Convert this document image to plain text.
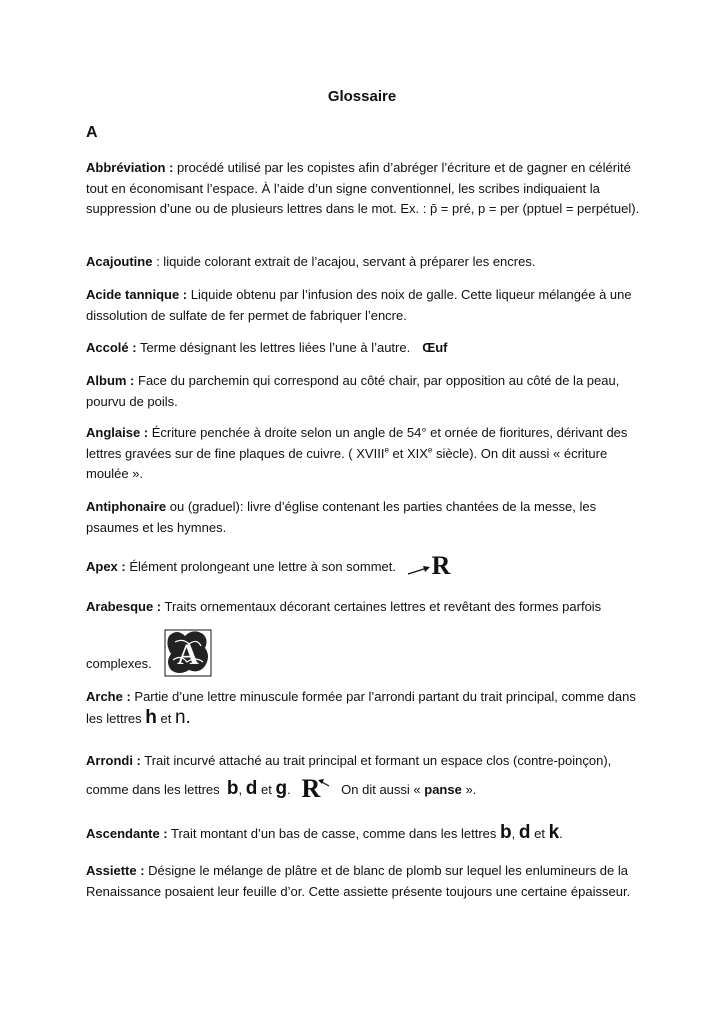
Glossaire
A
Abbréviation : procédé utilisé par les copistes afin d’abréger l’écriture et de gagner en célérité tout en économisant l’espace. À l’aide d’un signe conventionnel, les scribes indiquaient la suppression d’une ou de plusieurs lettres dans le mot. Ex. : p̄ = pré, p = per (pptuel = perpétuel).
Acajoutine : liquide colorant extrait de l’acajou, servant à préparer les encres.
Acide tannique : Liquide obtenu par l’infusion des noix de galle. Cette liqueur mélangée à une dissolution de sulfate de fer permet de fabriquer l’encre.
Accolé : Terme désignant les lettres liées l’une à l’autre. Œuf
Album : Face du parchemin qui correspond au côté chair, par opposition au côté de la peau, pourvu de poils.
Anglaise : Écriture penchée à droite selon un angle de 54° et ornée de fioritures, dérivant des lettres gravées sur de fine plaques de cuivre. ( XVIIIe et XIXe siècle). On dit aussi « écriture moulée ».
Antiphonaire ou (graduel): livre d’église contenant les parties chantées de la messe, les psaumes et les hymnes.
Apex : Élément prolongeant une lettre à son sommet. R
Arabesque : Traits ornementaux décorant certaines lettres et revêtant des formes parfois
complexes. A
Arche : Partie d’une lettre minuscule formée par l’arrondi partant du trait principal, comme dans les lettres h et n.
Arrondi : Trait incurvé attaché au trait principal et formant un espace clos (contre-poinçon),
comme dans les lettres b, d et g. R On dit aussi « panse ».
Ascendante : Trait montant d’un bas de casse, comme dans les lettres b, d et k.
Assiette : Désigne le mélange de plâtre et de blanc de plomb sur lequel les enlumineurs de la Renaissance posaient leur feuille d’or. Cette assiette présente toujours une certaine épaisseur.
